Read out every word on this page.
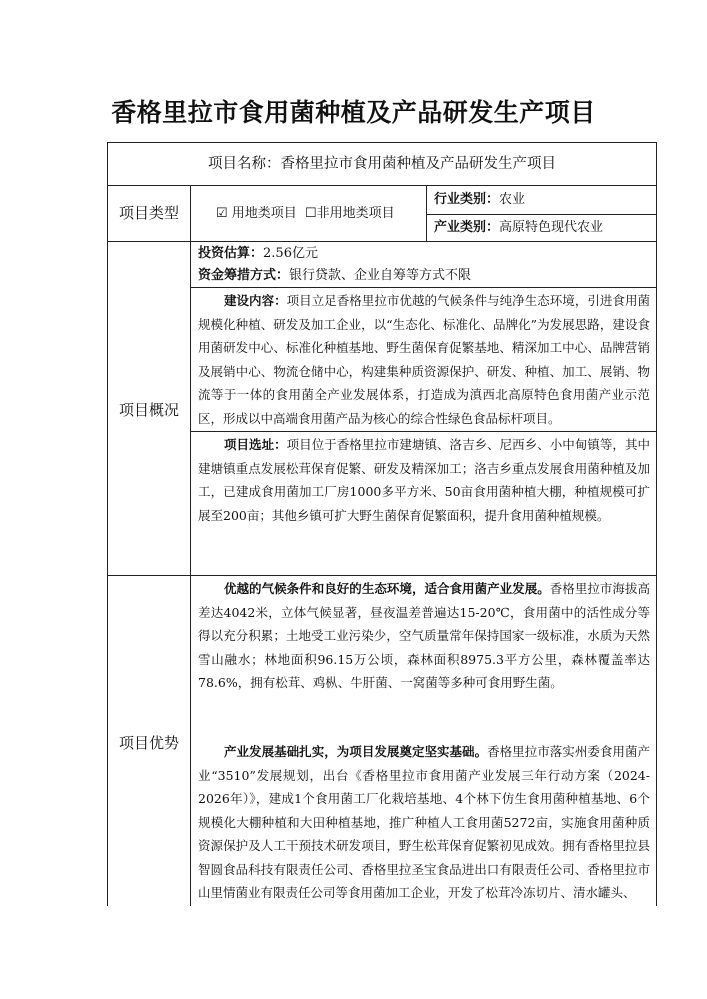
香格里拉市食用菌种植及产品研发生产项目
项目名称：香格里拉市食用菌种植及产品研发生产项目
项目类型	☑ 用地类项目 ☐非用地类项目
行业类别：农业
产业类别：高原特色现代农业
项目概况
投资估算：2.56亿元
资金筹措方式：银行贷款、企业自筹等方式不限
建设内容：项目立足香格里拉市优越的气候条件与纯净生态环境，引进食用菌规模化种植、研发及加工企业，以“生态化、标准化、品牌化”为发展思路，建设食用菌研发中心、标准化种植基地、野生菌保育促繁基地、精深加工中心、品牌营销及展销中心、物流仓储中心，构建集种质资源保护、研发、种植、加工、展销、物流等于一体的食用菌全产业发展体系，打造成为滇西北高原特色食用菌产业示范区，形成以中高端食用菌产品为核心的综合性绿色食品标杆项目。
项目选址：项目位于香格里拉市建塘镇、洛吉乡、尼西乡、小中甸镇等，其中建塘镇重点发展松茸保育促繁、研发及精深加工；洛吉乡重点发展食用菌种植及加工，已建成食用菌加工厂房1000多平方米、50亩食用菌种植大棚，种植规模可扩展至200亩；其他乡镇可扩大野生菌保育促繁面积，提升食用菌种植规模。
项目优势
优越的气候条件和良好的生态环境，适合食用菌产业发展。香格里拉市海拔高差达4042米，立体气候显著，昼夜温差普遍达15-20℃，食用菌中的活性成分等得以充分积累；土地受工业污染少，空气质量常年保持国家一级标准，水质为天然雪山融水；林地面积96.15万公顷，森林面积8975.3平方公里，森林覆盖率达78.6%，拥有松茸、鸡枞、牛肝菌、一窝菌等多种可食用野生菌。
产业发展基础扎实，为项目发展奠定坚实基础。香格里拉市落实州委食用菌产业“3510”发展规划，出台《香格里拉市食用菌产业发展三年行动方案（2024-2026年）》，建成1个食用菌工厂化栽培基地、4个林下仿生食用菌种植基地、6个规模化大棚种植和大田种植基地，推广种植人工食用菌5272亩，实施食用菌种质资源保护及人工干预技术研发项目，野生松茸保育促繁初见成效。拥有香格里拉县智圆食品科技有限责任公司、香格里拉圣宝食品进出口有限责任公司、香格里拉市山里情菌业有限责任公司等食用菌加工企业，开发了松茸冷冻切片、清水罐头、
